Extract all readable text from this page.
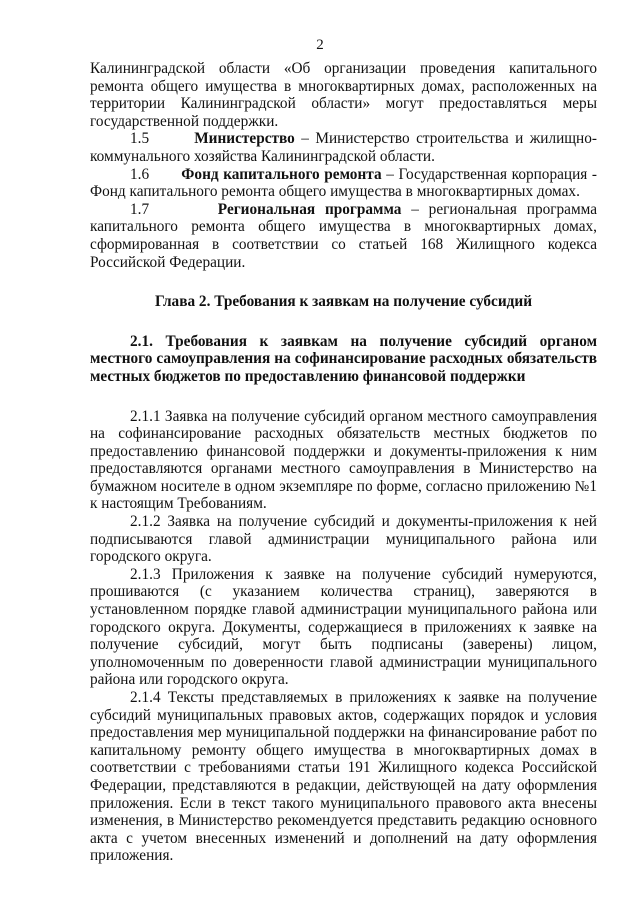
2

Калининградской области «Об организации проведения капитального ремонта общего имущества в многоквартирных домах, расположенных на территории Калининградской области» могут предоставляться меры государственной поддержки.

1.5	Министерство – Министерство строительства и жилищно-коммунального хозяйства Калининградской области.

1.6 Фонд капитального ремонта – Государственная корпорация - Фонд капитального ремонта общего имущества в многоквартирных домах.

1.7	Региональная программа – региональная программа капитального ремонта общего имущества в многоквартирных домах, сформированная в соответствии со статьей 168 Жилищного кодекса Российской Федерации.

Глава 2. Требования к заявкам на получение субсидий

2.1. Требования к заявкам на получение субсидий органом местного самоуправления на софинансирование расходных обязательств местных бюджетов по предоставлению финансовой поддержки

2.1.1 Заявка на получение субсидий органом местного самоуправления на софинансирование расходных обязательств местных бюджетов по предоставлению финансовой поддержки и документы-приложения к ним предоставляются органами местного самоуправления в Министерство на бумажном носителе в одном экземпляре по форме, согласно приложению №1 к настоящим Требованиям.

2.1.2 Заявка на получение субсидий и документы-приложения к ней подписываются главой администрации муниципального района или городского округа.

2.1.3 Приложения к заявке на получение субсидий нумеруются, прошиваются (с указанием количества страниц), заверяются в установленном порядке главой администрации муниципального района или городского округа. Документы, содержащиеся в приложениях к заявке на получение субсидий, могут быть подписаны (заверены) лицом, уполномоченным по доверенности главой администрации муниципального района или городского округа.

2.1.4 Тексты представляемых в приложениях к заявке на получение субсидий муниципальных правовых актов, содержащих порядок и условия предоставления мер муниципальной поддержки на финансирование работ по капитальному ремонту общего имущества в многоквартирных домах в соответствии с требованиями статьи 191 Жилищного кодекса Российской Федерации, представляются в редакции, действующей на дату оформления приложения. Если в текст такого муниципального правового акта внесены изменения, в Министерство рекомендуется представить редакцию основного акта с учетом внесенных изменений и дополнений на дату оформления приложения.
